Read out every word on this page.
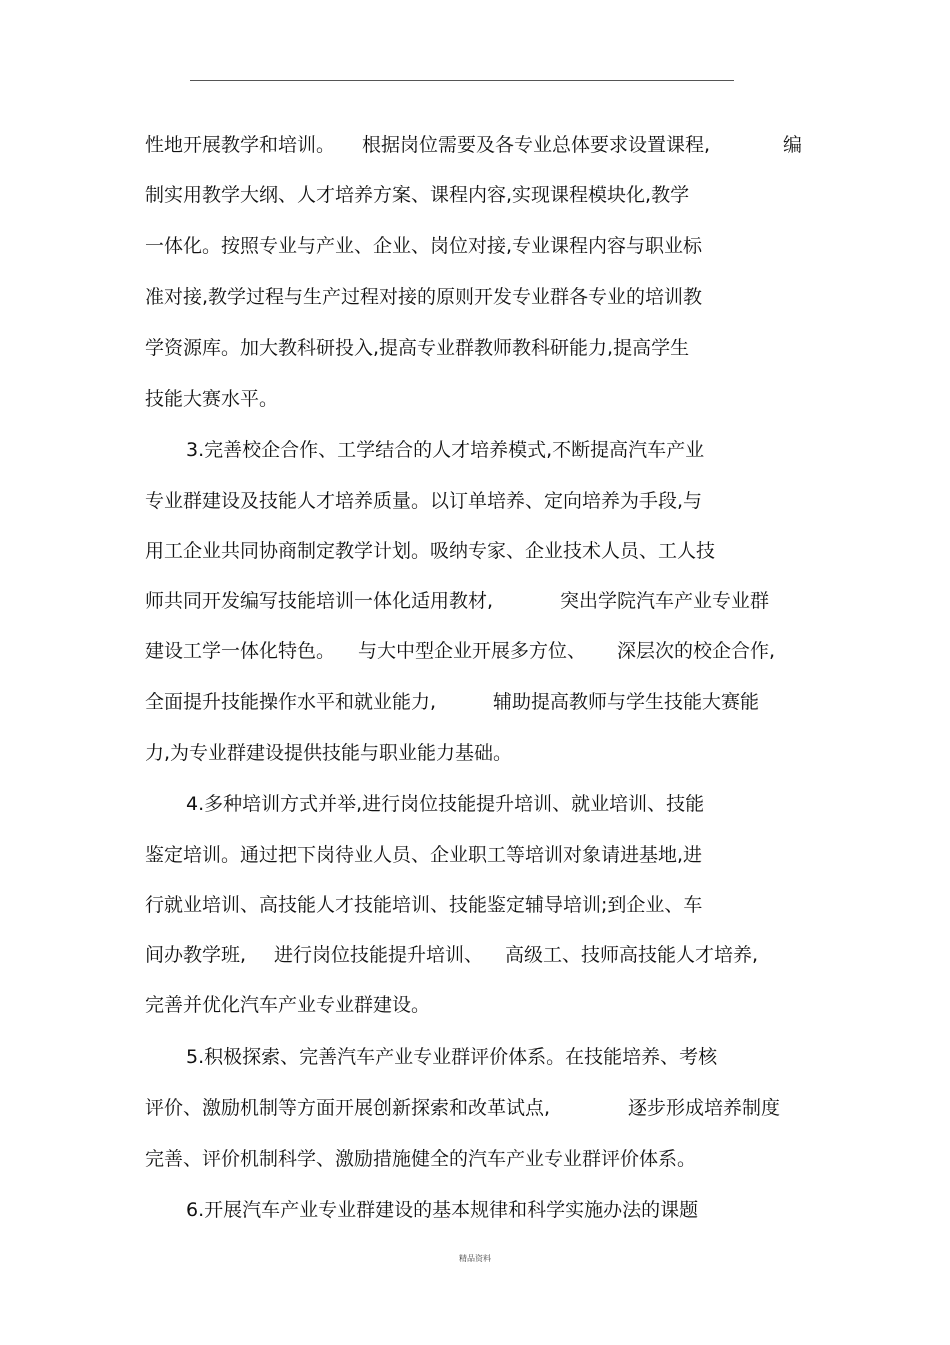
性地开展教学和培训。 根据岗位需要及各专业总体要求设置课程,	编
制实用教学大纲、人才培养方案、课程内容,实现课程模块化,教学
一体化。按照专业与产业、企业、岗位对接,专业课程内容与职业标
准对接,教学过程与生产过程对接的原则开发专业群各专业的培训教
学资源库。加大教科研投入,提高专业群教师教科研能力,提高学生
技能大赛水平。
3.完善校企合作、工学结合的人才培养模式,不断提高汽车产业
专业群建设及技能人才培养质量。以订单培养、定向培养为手段,与
用工企业共同协商制定教学计划。吸纳专家、企业技术人员、工人技
师共同开发编写技能培训一体化适用教材,	突出学院汽车产业专业群
建设工学一体化特色。 与大中型企业开展多方位、 深层次的校企合作,
全面提升技能操作水平和就业能力,	辅助提高教师与学生技能大赛能
力,为专业群建设提供技能与职业能力基础。
4.多种培训方式并举,进行岗位技能提升培训、就业培训、技能
鉴定培训。通过把下岗待业人员、企业职工等培训对象请进基地,进
行就业培训、高技能人才技能培训、技能鉴定辅导培训;到企业、车
间办教学班, 进行岗位技能提升培训、 高级工、技师高技能人才培养,
完善并优化汽车产业专业群建设。
5.积极探索、完善汽车产业专业群评价体系。在技能培养、考核
评价、激励机制等方面开展创新探索和改革试点,	逐步形成培养制度
完善、评价机制科学、激励措施健全的汽车产业专业群评价体系。
6.开展汽车产业专业群建设的基本规律和科学实施办法的课题
精品资料
